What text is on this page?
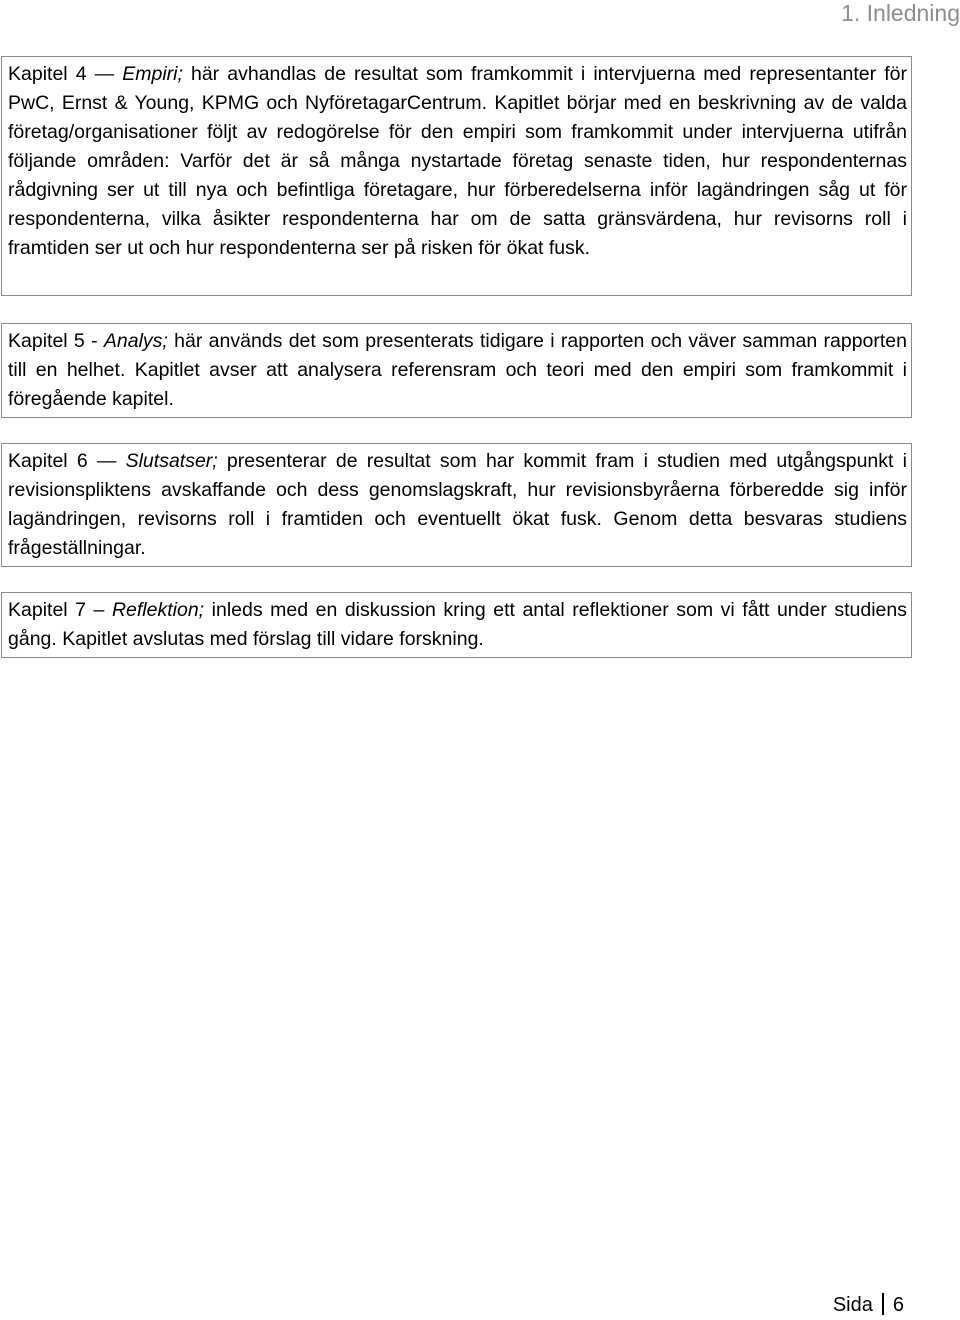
1. Inledning
Kapitel 4 — Empiri; här avhandlas de resultat som framkommit i intervjuerna med representanter för PwC, Ernst & Young, KPMG och NyföretagarCentrum. Kapitlet börjar med en beskrivning av de valda företag/organisationer följt av redogörelse för den empiri som framkommit under intervjuerna utifrån följande områden: Varför det är så många nystartade företag senaste tiden, hur respondenternas rådgivning ser ut till nya och befintliga företagare, hur förberedelserna inför lagändringen såg ut för respondenterna, vilka åsikter respondenterna har om de satta gränsvärdena, hur revisorns roll i framtiden ser ut och hur respondenterna ser på risken för ökat fusk.
Kapitel 5 - Analys; här används det som presenterats tidigare i rapporten och väver samman rapporten till en helhet. Kapitlet avser att analysera referensram och teori med den empiri som framkommit i föregående kapitel.
Kapitel 6 — Slutsatser; presenterar de resultat som har kommit fram i studien med utgångspunkt i revisionspliktens avskaffande och dess genomslagskraft, hur revisionsbyråerna förberedde sig inför lagändringen, revisorns roll i framtiden och eventuellt ökat fusk. Genom detta besvaras studiens frågeställningar.
Kapitel 7 – Reflektion; inleds med en diskussion kring ett antal reflektioner som vi fått under studiens gång. Kapitlet avslutas med förslag till vidare forskning.
Sida 6
